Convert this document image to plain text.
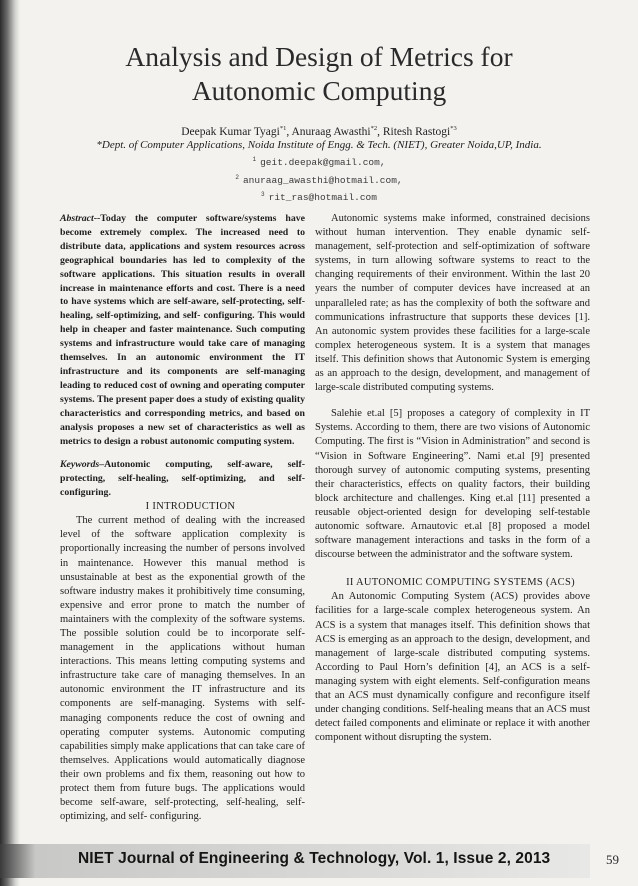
Analysis and Design of Metrics for
Autonomic Computing
Deepak Kumar Tyagi$^{*1}$, Anuraag Awasthi$^{*2}$, Ritesh Rastogi$^{*3}$
*Dept. of Computer Applications, Noida Institute of Engg. & Tech. (NIET), Greater Noida,UP, India.
$^1$ geit.deepak@gmail.com,
$^2$ anuraag_awasthi@hotmail.com,
$^3$ rit_ras@hotmail.com

Abstract--Today the computer software/systems have become extremely complex. The increased need to distribute data, applications and system resources across geographical boundaries has led to complexity of the software applications. This situation results in overall increase in maintenance efforts and cost. There is a need to have systems which are self-aware, self-protecting, self-healing, self-optimizing, and self- configuring. This would help in cheaper and faster maintenance. Such computing systems and infrastructure would take care of managing themselves. In an autonomic environment the IT infrastructure and its components are self-managing leading to reduced cost of owning and operating computer systems. The present paper does a study of existing quality characteristics and corresponding metrics, and based on analysis proposes a new set of characteristics as well as metrics to design a robust autonomic computing system.

Keywords–Autonomic computing, self-aware, self-protecting, self-healing, self-optimizing, and self-configuring.

I INTRODUCTION

The current method of dealing with the increased level of the software application complexity is proportionally increasing the number of persons involved in maintenance. However this manual method is unsustainable at best as the exponential growth of the software industry makes it prohibitively time consuming, expensive and error prone to match the number of maintainers with the complexity of the software systems. The possible solution could be to incorporate self-management in the applications without human interactions. This means letting computing systems and infrastructure take care of managing themselves. In an autonomic environment the IT infrastructure and its components are self-managing. Systems with self-managing components reduce the cost of owning and operating computer systems. Autonomic computing capabilities simply make applications that can take care of themselves. Applications would automatically diagnose their own problems and fix them, reasoning out how to protect them from future bugs. The applications would become self-aware, self-protecting, self-healing, self-optimizing, and self- configuring.

Autonomic systems make informed, constrained decisions without human intervention. They enable dynamic self-management, self-protection and self-optimization of software systems, in turn allowing software systems to react to the changing requirements of their environment. Within the last 20 years the number of computer devices have increased at an unparalleled rate; as has the complexity of both the software and communications infrastructure that supports these devices [1]. An autonomic system provides these facilities for a large-scale complex heterogeneous system. It is a system that manages itself. This definition shows that Autonomic System is emerging as an approach to the design, development, and management of large-scale distributed computing systems.

Salehie et.al [5] proposes a category of complexity in IT Systems. According to them, there are two visions of Autonomic Computing. The first is “Vision in Administration” and second is “Vision in Software Engineering”. Nami et.al [9] presented thorough survey of autonomic computing systems, presenting their characteristics, effects on quality factors, their building block architecture and challenges. King et.al [11] presented a reusable object-oriented design for developing self-testable autonomic software. Arnautovic et.al [8] proposed a model software management interactions and tasks in the form of a discourse between the administrator and the software system.

II AUTONOMIC COMPUTING SYSTEMS (ACS)

An Autonomic Computing System (ACS) provides above facilities for a large-scale complex heterogeneous system. An ACS is a system that manages itself. This definition shows that ACS is emerging as an approach to the design, development, and management of large-scale distributed computing systems. According to Paul Horn’s definition [4], an ACS is a self-managing system with eight elements. Self-configuration means that an ACS must dynamically configure and reconfigure itself under changing conditions. Self-healing means that an ACS must detect failed components and eliminate or replace it with another component without disrupting the system.

NIET Journal of Engineering & Technology, Vol. 1, Issue 2, 2013	59
